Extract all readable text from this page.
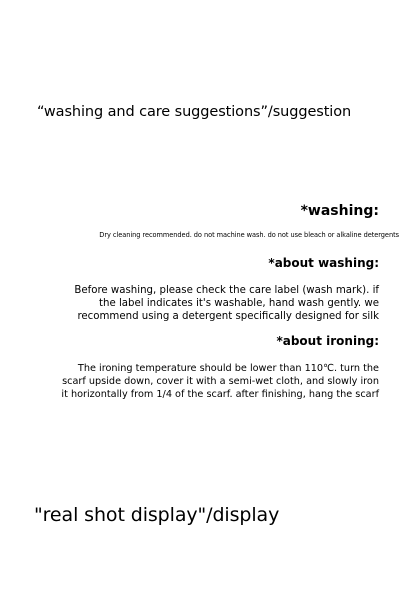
“washing and care suggestions”/suggestion
*washing:

Dry cleaning recommended. do not machine wash. do not use bleach or alkaline detergents

*about washing:
Before washing, please check the care label (wash mark). if
the label indicates it's washable, hand wash gently. we
recommend using a detergent specifically designed for silk
*about ironing:
The ironing temperature should be lower than 110℃. turn the
scarf upside down, cover it with a semi-wet cloth, and slowly iron
it horizontally from 1/4 of the scarf. after finishing, hang the scarf
"real shot display"/display
